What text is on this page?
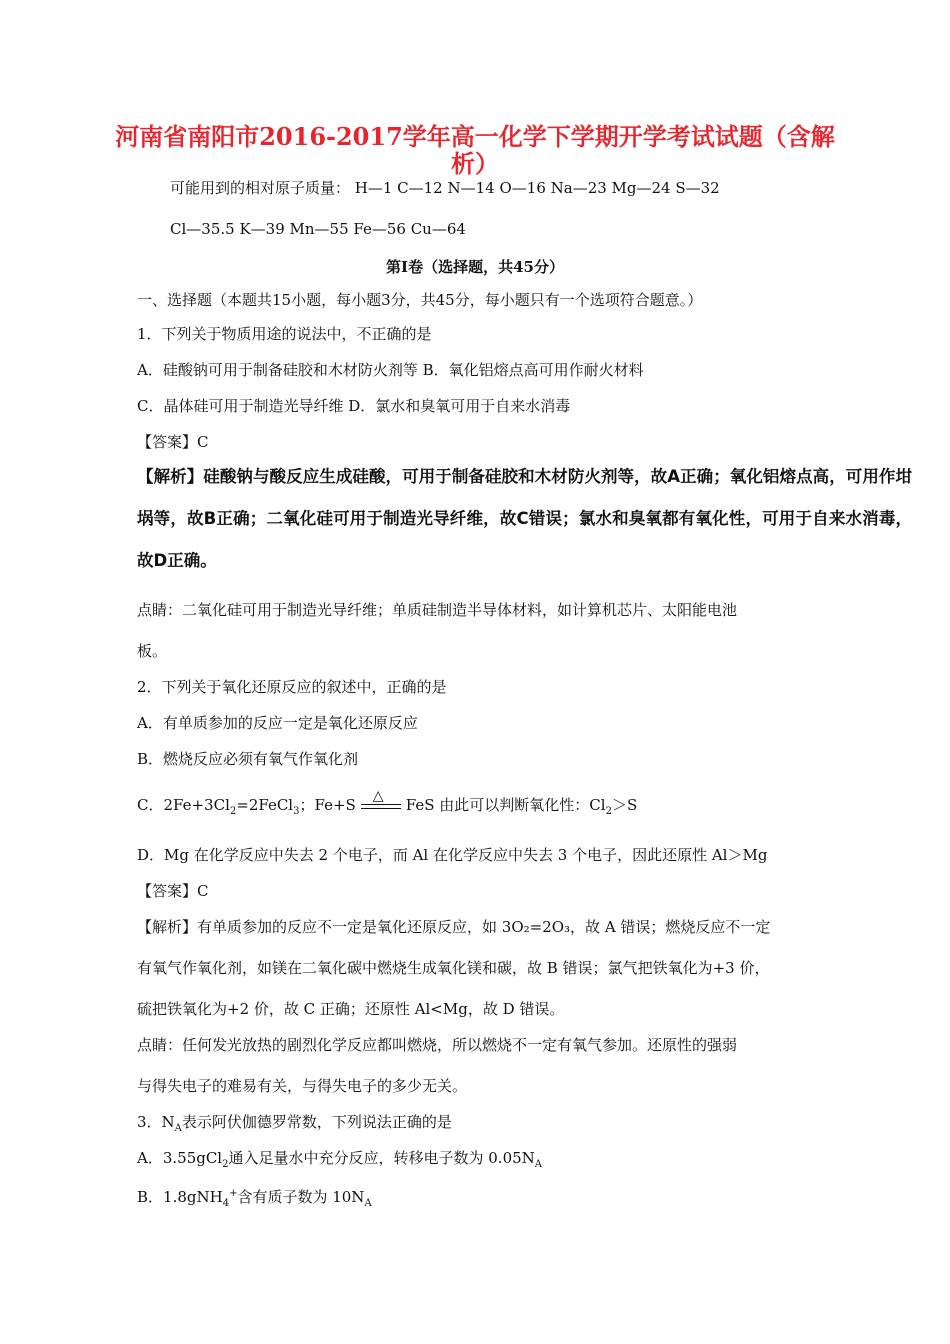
河南省南阳市2016-2017学年高一化学下学期开学考试试题（含解
析）
可能用到的相对原子质量： H—1 C—12 N—14 O—16 Na—23 Mg—24 S—32
Cl—35.5 K—39 Mn—55 Fe—56 Cu—64
第Ⅰ卷（选择题，共45分）
一、选择题（本题共15小题，每小题3分，共45分，每小题只有一个选项符合题意。）
1．下列关于物质用途的说法中，不正确的是
A．硅酸钠可用于制备硅胶和木材防火剂等 B．氧化铝熔点高可用作耐火材料
C．晶体硅可用于制造光导纤维 D．氯水和臭氧可用于自来水消毒
【答案】C
【解析】硅酸钠与酸反应生成硅酸，可用于制备硅胶和木材防火剂等，故A正确；氧化铝熔点高，可用作坩埚等，故B正确；二氧化硅可用于制造光导纤维，故C错误；氯水和臭氧都有氧化性，可用于自来水消毒，故D正确。
点睛：二氧化硅可用于制造光导纤维；单质硅制造半导体材料，如计算机芯片、太阳能电池
板。
2．下列关于氧化还原反应的叙述中，正确的是
A．有单质参加的反应一定是氧化还原反应
B．燃烧反应必须有氧气作氧化剂
C．$2Fe+3Cl_2=2FeCl_3$；Fe+S △ FeS 由此可以判断氧化性：$Cl_2>S$
D．Mg 在化学反应中失去 2 个电子，而 Al 在化学反应中失去 3 个电子，因此还原性 Al＞Mg
【答案】C
【解析】有单质参加的反应不一定是氧化还原反应，如 3O₂=2O₃，故 A 错误；燃烧反应不一定
有氧气作氧化剂，如镁在二氧化碳中燃烧生成氧化镁和碳，故 B 错误；氯气把铁氧化为+3 价，
硫把铁氧化为+2 价，故 C 正确；还原性 Al<Mg，故 D 错误。
点睛：任何发光放热的剧烈化学反应都叫燃烧，所以燃烧不一定有氧气参加。还原性的强弱
与得失电子的难易有关，与得失电子的多少无关。
3．$N_A$表示阿伏伽德罗常数，下列说法正确的是
A．3.55gCl$_2$通入足量水中充分反应，转移电子数为 $0.05N_A$
B．1.8gNH$_4$+含有质子数为 $10N_A$
